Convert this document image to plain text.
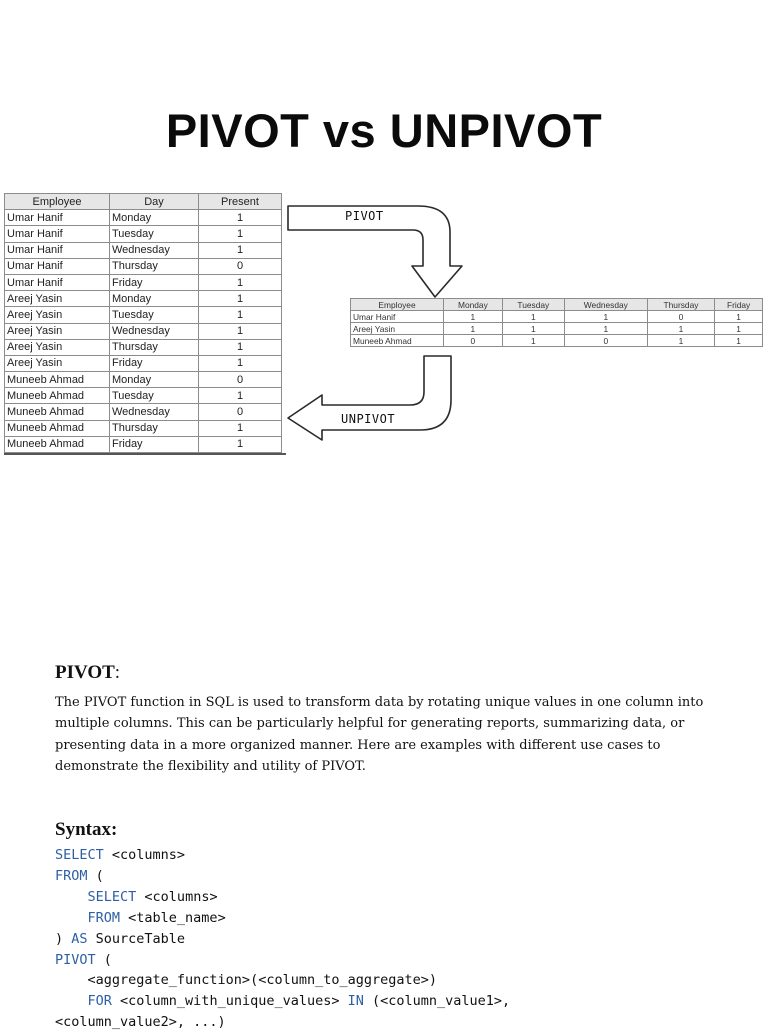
PIVOT vs UNPIVOT
Employee	Day	Present
Umar Hanif	Monday	1
Umar Hanif	Tuesday	1
Umar Hanif	Wednesday	1
Umar Hanif	Thursday	0
Umar Hanif	Friday	1
Areej Yasin	Monday	1
Areej Yasin	Tuesday	1
Areej Yasin	Wednesday	1
Areej Yasin	Thursday	1
Areej Yasin	Friday	1
Muneeb Ahmad	Monday	0
Muneeb Ahmad	Tuesday	1
Muneeb Ahmad	Wednesday	0
Muneeb Ahmad	Thursday	1
Muneeb Ahmad	Friday	1
PIVOT
UNPIVOT
Employee	Monday	Tuesday	Wednesday	Thursday	Friday
Umar Hanif	1	1	1	0	1
Areej Yasin	1	1	1	1	1
Muneeb Ahmad	0	1	0	1	1
PIVOT:
The PIVOT function in SQL is used to transform data by rotating unique values in one column into multiple columns. This can be particularly helpful for generating reports, summarizing data, or presenting data in a more organized manner. Here are examples with different use cases to demonstrate the flexibility and utility of PIVOT.
Syntax:
SELECT <columns>
FROM (
SELECT <columns>
FROM <table_name>
) AS SourceTable
PIVOT (
<aggregate_function>(<column_to_aggregate>)
FOR <column_with_unique_values> IN (<column_value1>,
<column_value2>, ...)
